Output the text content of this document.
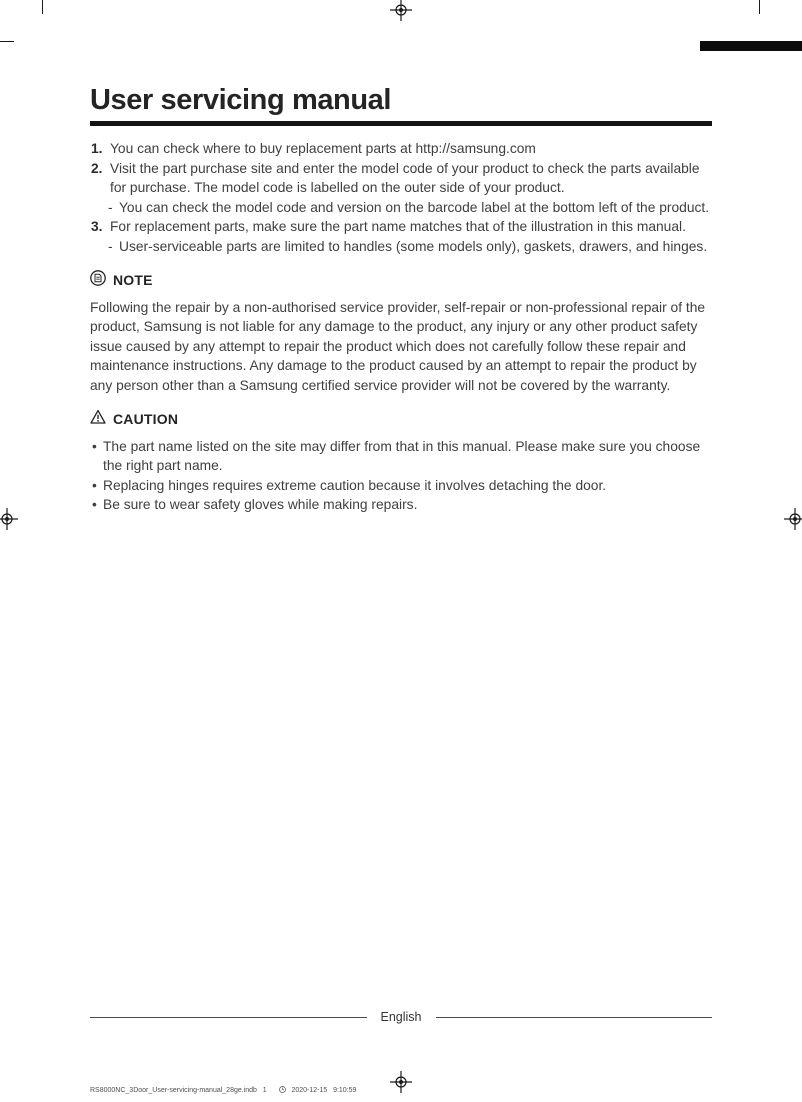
User servicing manual
1. You can check where to buy replacement parts at http://samsung.com
2. Visit the part purchase site and enter the model code of your product to check the parts available for purchase. The model code is labelled on the outer side of your product.
- You can check the model code and version on the barcode label at the bottom left of the product.
3. For replacement parts, make sure the part name matches that of the illustration in this manual.
- User-serviceable parts are limited to handles (some models only), gaskets, drawers, and hinges.
NOTE

Following the repair by a non-authorised service provider, self-repair or non-professional repair of the product, Samsung is not liable for any damage to the product, any injury or any other product safety issue caused by any attempt to repair the product which does not carefully follow these repair and maintenance instructions. Any damage to the product caused by an attempt to repair the product by any person other than a Samsung certified service provider will not be covered by the warranty.

CAUTION
• The part name listed on the site may differ from that in this manual. Please make sure you choose the right part name.
• Replacing hinges requires extreme caution because it involves detaching the door.
• Be sure to wear safety gloves while making repairs.
English
RS8000NC_3Door_User-servicing-manual_28ge.indb   1

	2020-12-15   9:10:59
